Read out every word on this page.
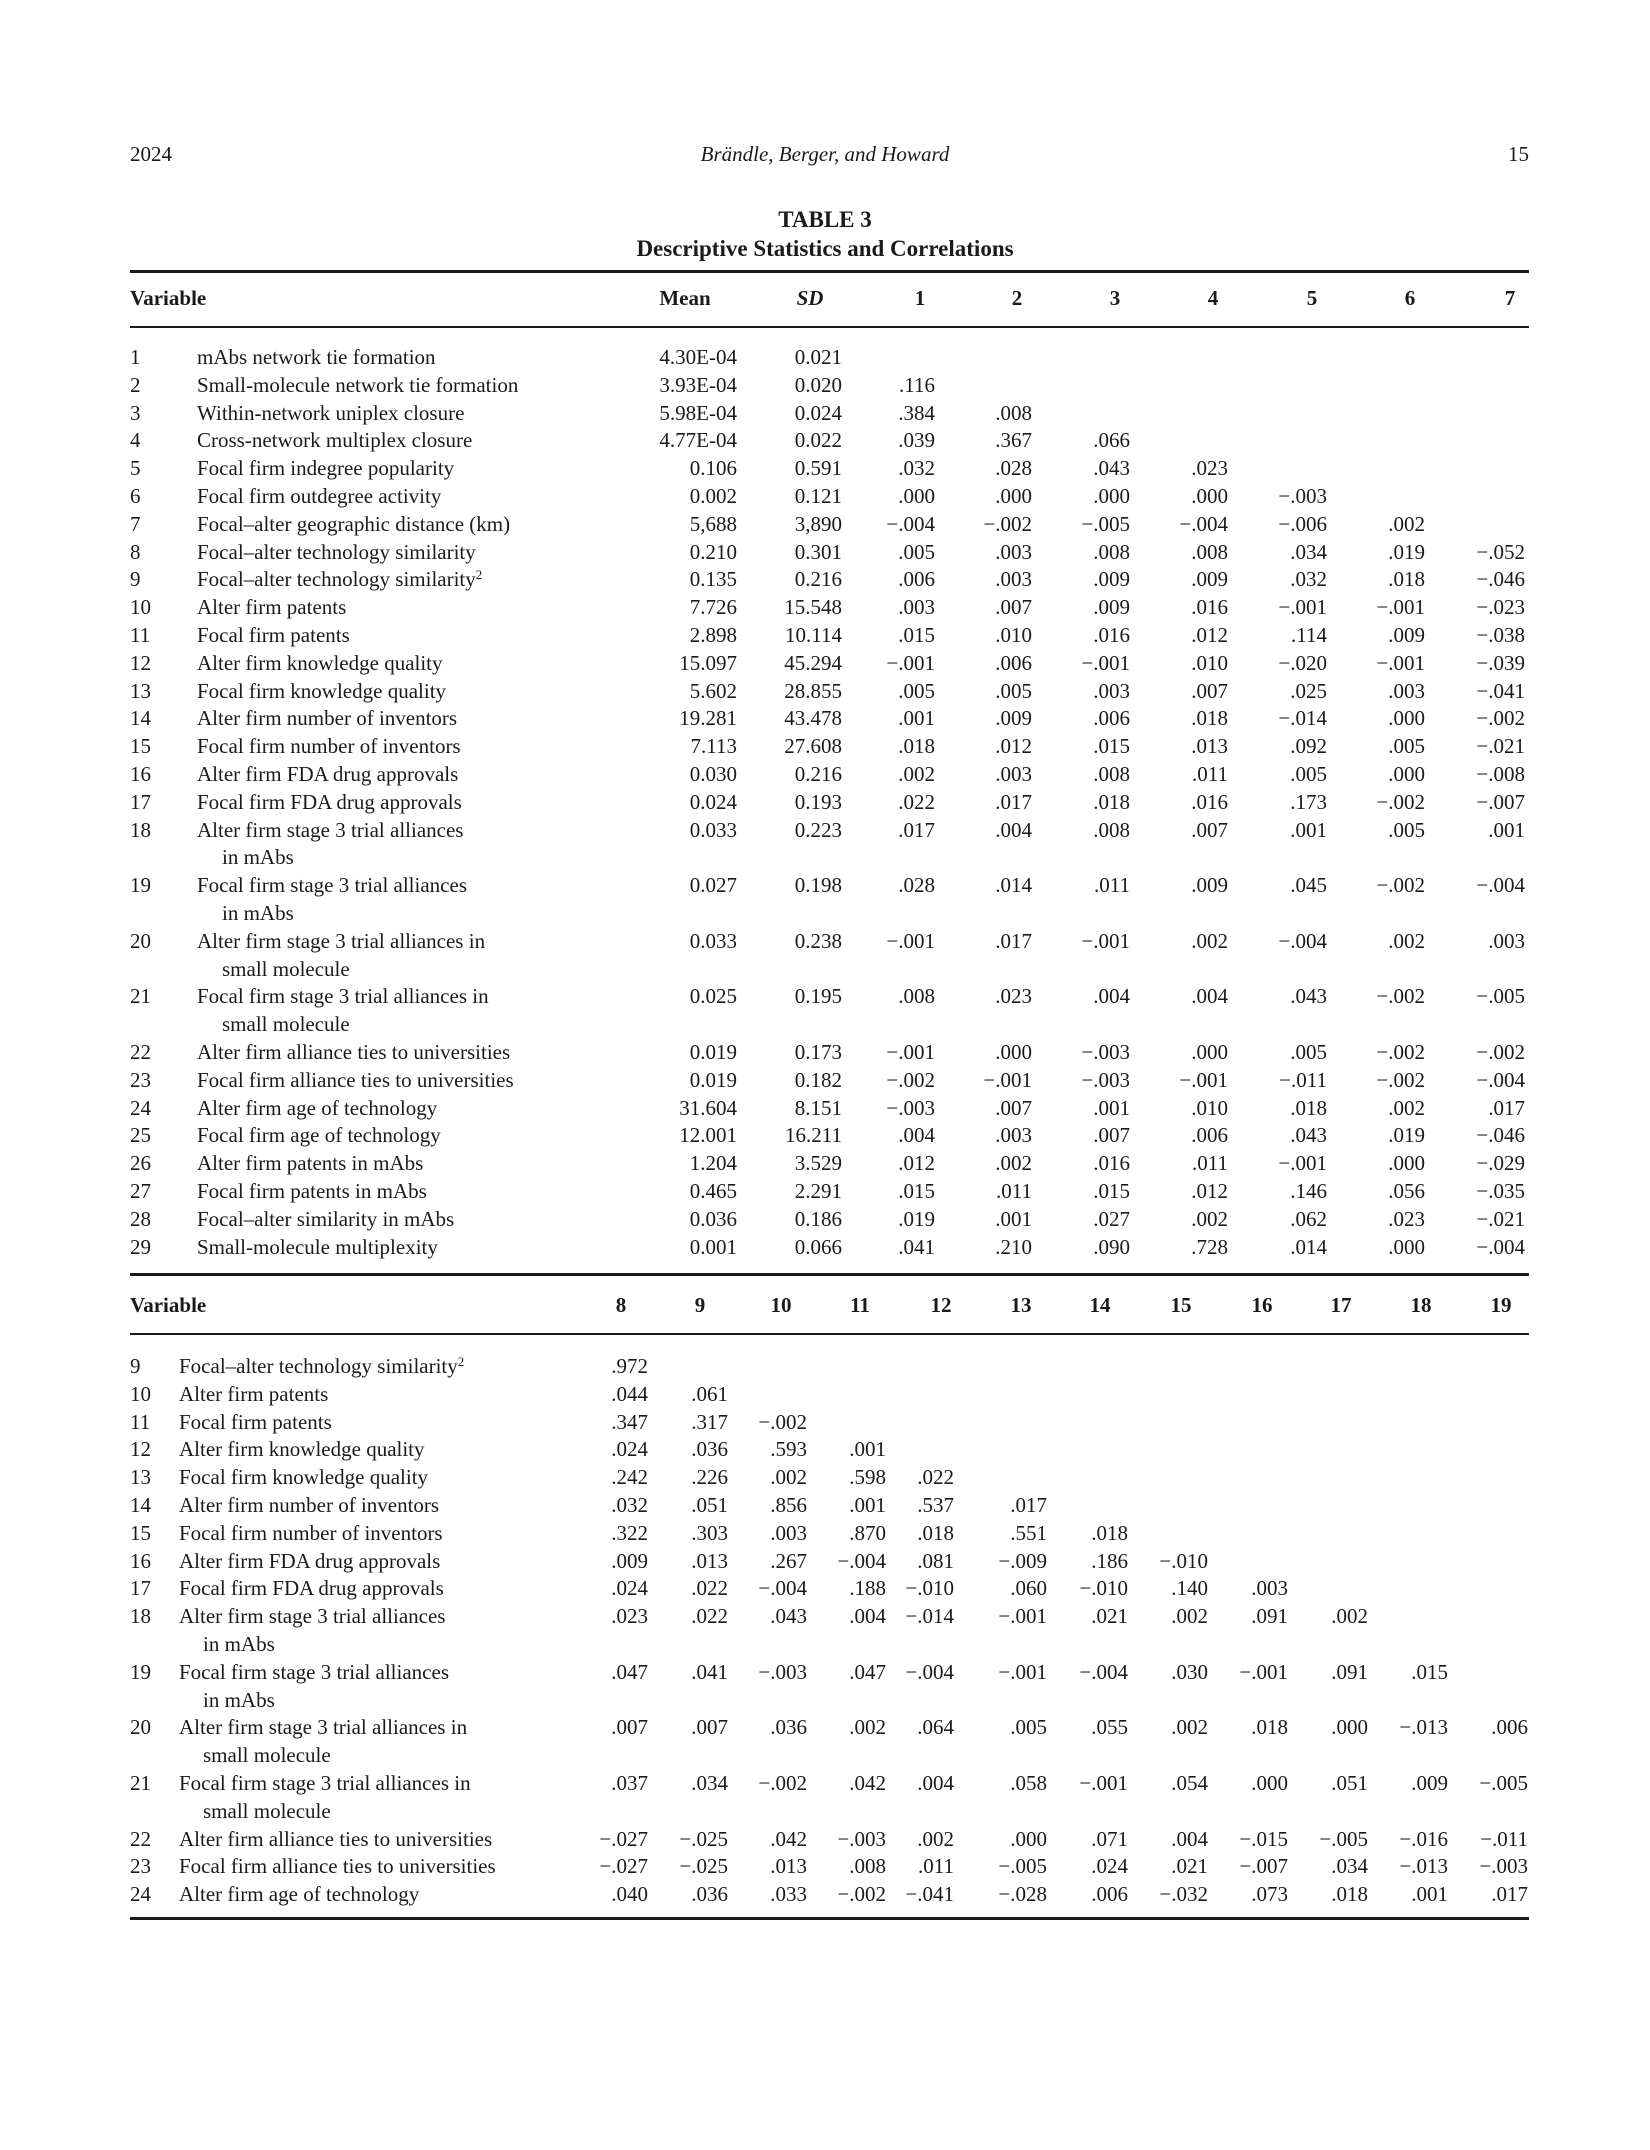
2024	Brändle, Berger, and Howard	15
TABLE 3
Descriptive Statistics and Correlations
Variable	Mean	SD	1	2	3	4	5	6	7
1	mAbs network tie formation	4.30E-04	0.021
2	Small-molecule network tie formation	3.93E-04	0.020	.116
3	Within-network uniplex closure	5.98E-04	0.024	.384	.008
4	Cross-network multiplex closure	4.77E-04	0.022	.039	.367	.066
5	Focal firm indegree popularity	0.106	0.591	.032	.028	.043	.023
6	Focal firm outdegree activity	0.002	0.121	.000	.000	.000	.000	−.003
7	Focal–alter geographic distance (km)	5,688	3,890	−.004	−.002	−.005	−.004	−.006	.002
8	Focal–alter technology similarity	0.210	0.301	.005	.003	.008	.008	.034	.019	−.052
9	Focal–alter technology similarity$^2$	0.135	0.216	.006	.003	.009	.009	.032	.018	−.046
10 Alter firm patents	7.726	15.548	.003	.007	.009	.016	−.001	−.001	−.023
11 Focal firm patents	2.898	10.114	.015	.010	.016	.012	.114	.009	−.038
12 Alter firm knowledge quality	15.097	45.294	−.001	.006	−.001	.010	−.020	−.001	−.039
13 Focal firm knowledge quality	5.602	28.855	.005	.005	.003	.007	.025	.003	−.041
14 Alter firm number of inventors	19.281	43.478	.001	.009	.006	.018	−.014	.000	−.002
15 Focal firm number of inventors	7.113	27.608	.018	.012	.015	.013	.092	.005	−.021
16 Alter firm FDA drug approvals	0.030	0.216	.002	.003	.008	.011	.005	.000	−.008
17 Focal firm FDA drug approvals	0.024	0.193	.022	.017	.018	.016	.173	−.002	−.007
18 Alter firm stage 3 trial alliances
in mAbs
0.033	0.223	.017	.004	.008	.007	.001	.005	.001
19 Focal firm stage 3 trial alliances
in mAbs
0.027	0.198	.028	.014	.011	.009	.045	−.002	−.004
20 Alter firm stage 3 trial alliances in
small molecule
0.033	0.238	−.001	.017	−.001	.002	−.004	.002	.003
21 Focal firm stage 3 trial alliances in
small molecule
0.025	0.195	.008	.023	.004	.004	.043	−.002	−.005
22 Alter firm alliance ties to universities	0.019	0.173	−.001	.000	−.003	.000	.005	−.002	−.002
23 Focal firm alliance ties to universities	0.019	0.182	−.002	−.001	−.003	−.001	−.011	−.002	−.004
24 Alter firm age of technology	31.604	8.151	−.003	.007	.001	.010	.018	.002	.017
25 Focal firm age of technology	12.001	16.211	.004	.003	.007	.006	.043	.019	−.046
26 Alter firm patents in mAbs	1.204	3.529	.012	.002	.016	.011	−.001	.000	−.029
27 Focal firm patents in mAbs	0.465	2.291	.015	.011	.015	.012	.146	.056	−.035
28 Focal–alter similarity in mAbs	0.036	0.186	.019	.001	.027	.002	.062	.023	−.021
29 Small-molecule multiplexity	0.001	0.066	.041	.210	.090	.728	.014	.000	−.004
Variable	8	9	10	11	12	13	14	15	16	17	18	19
9 Focal–alter technology similarity$^2$	.972
10 Alter firm patents	.044	.061
11 Focal firm patents	.347	.317	−.002
12 Alter firm knowledge quality	.024	.036	.593	.001
13 Focal firm knowledge quality	.242	.226	.002	.598	.022
14 Alter firm number of inventors	.032	.051	.856	.001	.537	.017
15 Focal firm number of inventors	.322	.303	.003	.870	.018	.551	.018
16 Alter firm FDA drug approvals	.009	.013	.267	−.004	.081	−.009	.186	−.010
17 Focal firm FDA drug approvals	.024	.022	−.004	.188 −.010	.060	−.010	.140	.003
18 Alter firm stage 3 trial alliances
in mAbs
.023	.022	.043	.004 −.014	−.001	.021	.002	.091	.002
19 Focal firm stage 3 trial alliances
in mAbs
.047	.041	−.003	.047 −.004	−.001	−.004	.030	−.001	.091	.015
20 Alter firm stage 3 trial alliances in
small molecule
.007	.007	.036	.002	.064	.005	.055	.002	.018	.000	−.013	.006
21 Focal firm stage 3 trial alliances in
small molecule
.037	.034	−.002	.042	.004	.058	−.001	.054	.000	.051	.009	−.005
22 Alter firm alliance ties to universities	−.027	−.025	.042	−.003	.002	.000	.071	.004	−.015	−.005	−.016	−.011
23 Focal firm alliance ties to universities	−.027	−.025	.013	.008	.011	−.005	.024	.021	−.007	.034	−.013	−.003
24 Alter firm age of technology	.040	.036	.033	−.002 −.041	−.028	.006	−.032	.073	.018	.001	.017
